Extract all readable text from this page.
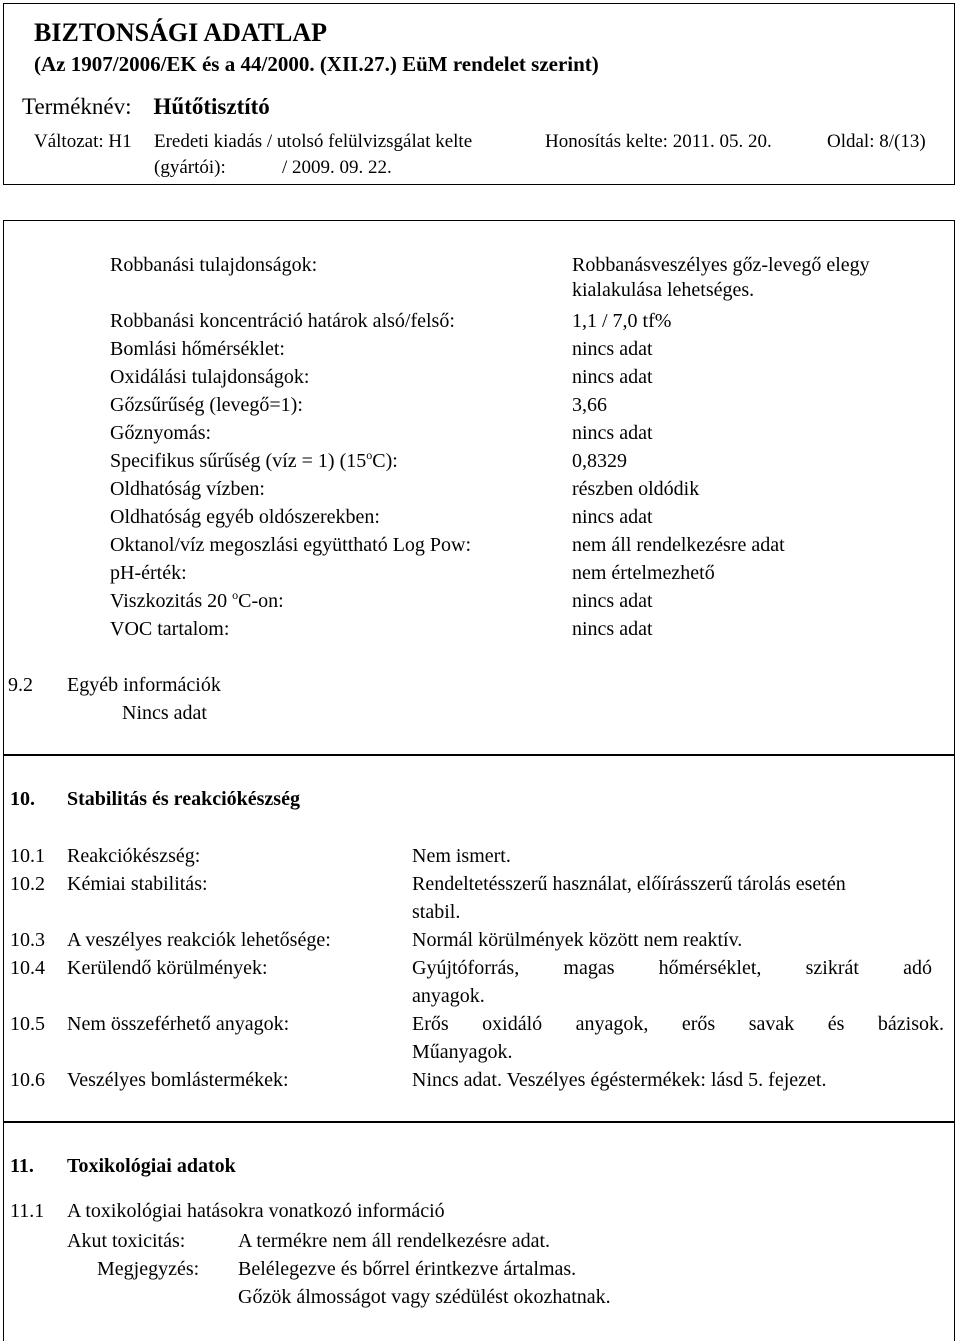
BIZTONSÁGI ADATLAP
(Az 1907/2006/EK és a 44/2000. (XII.27.) EüM rendelet szerint)
Terméknév: Hűtőtisztító
Változat: H1 Eredeti kiadás / utolsó felülvizsgálat kelte
(gyártói):	/ 2009. 09. 22.
Honosítás kelte: 2011. 05. 20.	Oldal: 8/(13)
Robbanási tulajdonságok:	Robbanásveszélyes gőz-levegő elegy
kialakulása lehetséges.
Robbanási koncentráció határok alsó/felső:	1,1 / 7,0 tf%
Bomlási hőmérséklet:	nincs adat
Oxidálási tulajdonságok:	nincs adat
Gőzsűrűség (levegő=1):	3,66
Gőznyomás:	nincs adat
Specifikus sűrűség (víz = 1) (15$^o$C):	0,8329
Oldhatóság vízben:	részben oldódik
Oldhatóság egyéb oldószerekben:	nincs adat
Oktanol/víz megoszlási együttható Log Pow:	nem áll rendelkezésre adat
pH-érték:	nem értelmezhető
Viszkozitás 20 $^o$C-on:	nincs adat
VOC tartalom:	nincs adat
9.2 Egyéb információk
Nincs adat
10. Stabilitás és reakciókészség
10.1 Reakciókészség:	Nem ismert.
10.2 Kémiai stabilitás:	Rendeltetésszerű használat, előírásszerű tárolás esetén
stabil.
10.3 A veszélyes reakciók lehetősége:	Normál körülmények között nem reaktív.
10.4 Kerülendő körülmények:	Gyújtóforrás, magas hőmérséklet, szikrát adó
anyagok.
10.5 Nem összeférhető anyagok:	Erős oxidáló anyagok, erős savak és bázisok.
Műanyagok.
10.6 Veszélyes bomlástermékek:	Nincs adat. Veszélyes égéstermékek: lásd 5. fejezet.
11. Toxikológiai adatok
11.1 A toxikológiai hatásokra vonatkozó információ
Akut toxicitás:	A termékre nem áll rendelkezésre adat.
Megjegyzés: Belélegezve és bőrrel érintkezve ártalmas.
Gőzök álmosságot vagy szédülést okozhatnak.
